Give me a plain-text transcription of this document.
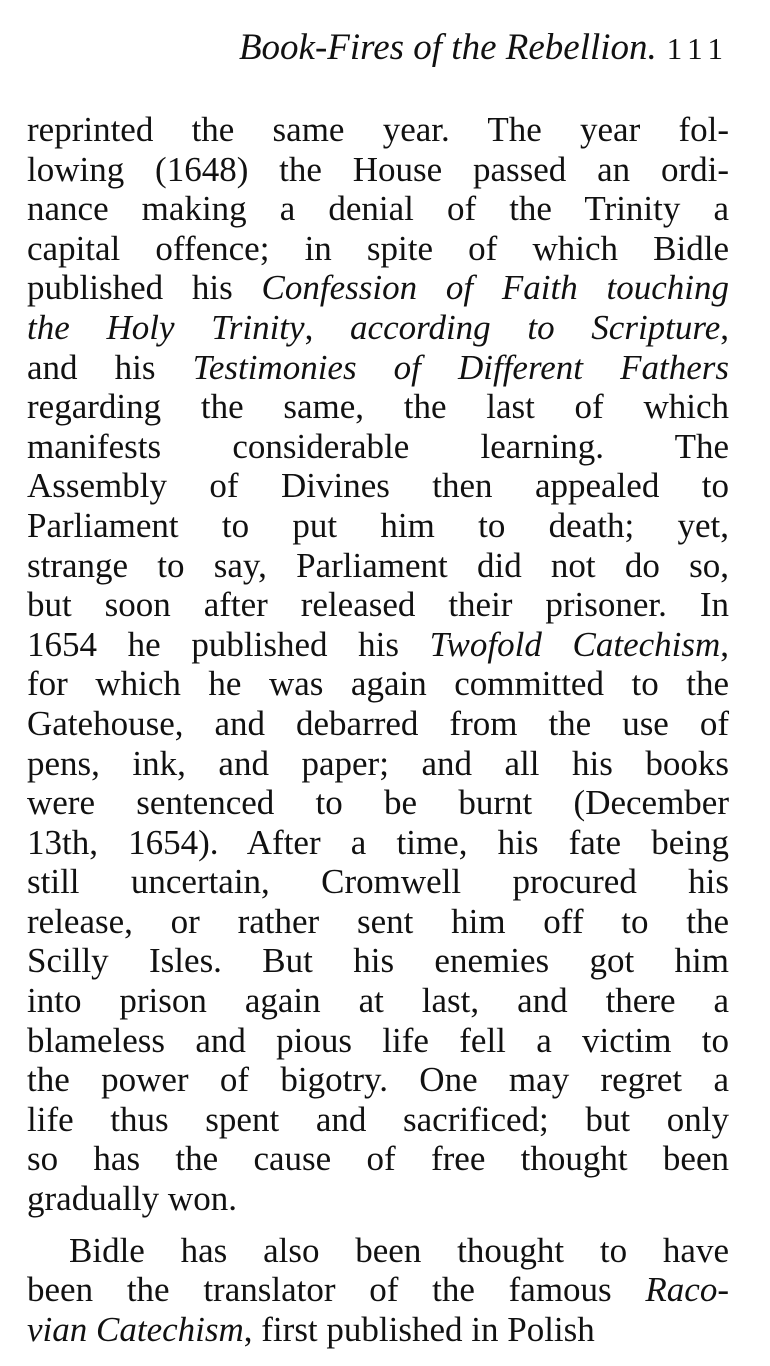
Book-Fires of the Rebellion. 111
reprinted the same year. The year fol-
lowing (1648) the House passed an ordi-
nance making a denial of the Trinity a
capital offence; in spite of which Bidle
published his Confession of Faith touching
the Holy Trinity, according to Scripture,
and his Testimonies of Different Fathers
regarding the same, the last of which
manifests considerable learning. The
Assembly of Divines then appealed to
Parliament to put him to death; yet,
strange to say, Parliament did not do so,
but soon after released their prisoner. In
1654 he published his Twofold Catechism,
for which he was again committed to the
Gatehouse, and debarred from the use of
pens, ink, and paper; and all his books
were sentenced to be burnt (December
13th, 1654). After a time, his fate being
still uncertain, Cromwell procured his
release, or rather sent him off to the
Scilly Isles. But his enemies got him
into prison again at last, and there a
blameless and pious life fell a victim to
the power of bigotry. One may regret a
life thus spent and sacrificed; but only
so has the cause of free thought been
gradually won.
Bidle has also been thought to have
been the translator of the famous Raco-
vian Catechism, first published in Polish
